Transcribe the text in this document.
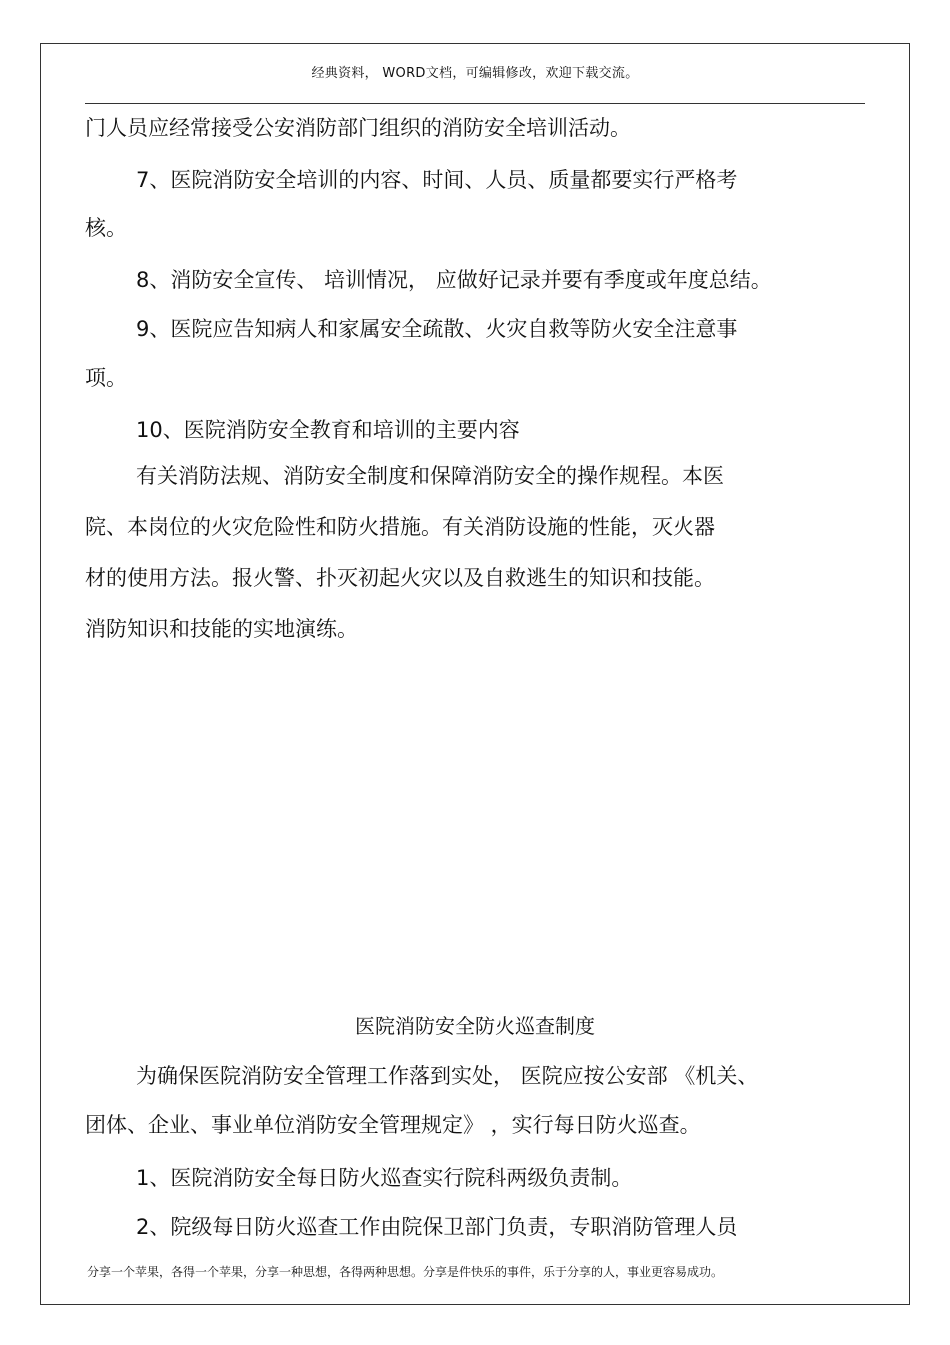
经典资料， WORD文档，可编辑修改，欢迎下载交流。
门人员应经常接受公安消防部门组织的消防安全培训活动。
7、医院消防安全培训的内容、时间、人员、质量都要实行严格考
核。
8、消防安全宣传、 培训情况， 应做好记录并要有季度或年度总结。
9、医院应告知病人和家属安全疏散、火灾自救等防火安全注意事
项。
10、医院消防安全教育和培训的主要内容
有关消防法规、消防安全制度和保障消防安全的操作规程。本医
院、本岗位的火灾危险性和防火措施。有关消防设施的性能，灭火器
材的使用方法。报火警、扑灭初起火灾以及自救逃生的知识和技能。
消防知识和技能的实地演练。
医院消防安全防火巡查制度
为确保医院消防安全管理工作落到实处， 医院应按公安部 《机关、
团体、企业、事业单位消防安全管理规定》 ，实行每日防火巡查。
1、医院消防安全每日防火巡查实行院科两级负责制。
2、院级每日防火巡查工作由院保卫部门负责，专职消防管理人员
分享一个苹果，各得一个苹果，分享一种思想，各得两种思想。分享是件快乐的事件，乐于分享的人，事业更容易成功。
